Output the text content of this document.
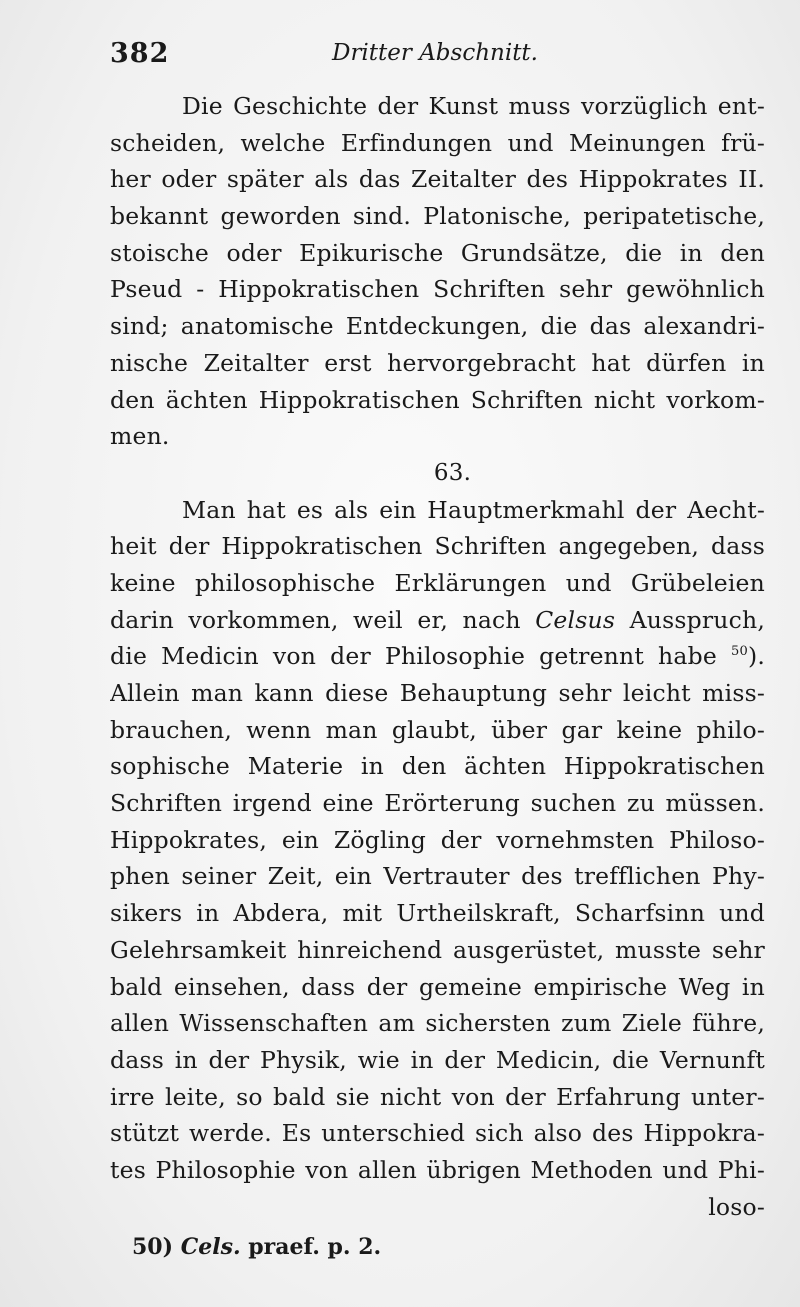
382	Dritter Abschnitt.
Die Geschichte der Kunst muss vorzüglich ent-
scheiden, welche Erfindungen und Meinungen frü-
her oder später als das Zeitalter des Hippokrates II.
bekannt geworden sind. Platonische, peripatetische,
stoische oder Epikurische Grundsätze, die in den
Pseud - Hippokratischen Schriften sehr gewöhnlich
sind; anatomische Entdeckungen, die das alexandri-
nische Zeitalter erst hervorgebracht hat dürfen in
den ächten Hippokratischen Schriften nicht vorkom-
men.
63.
Man hat es als ein Hauptmerkmahl der Aecht-
heit der Hippokratischen Schriften angegeben, dass
keine philosophische Erklärungen und Grübeleien
darin vorkommen, weil er, nach Celsus Ausspruch,
die Medicin von der Philosophie getrennt habe $^{50}$).
Allein man kann diese Behauptung sehr leicht miss-
brauchen, wenn man glaubt, über gar keine philo-
sophische Materie in den ächten Hippokratischen
Schriften irgend eine Erörterung suchen zu müssen.
Hippokrates, ein Zögling der vornehmsten Philoso-
phen seiner Zeit, ein Vertrauter des trefflichen Phy-
sikers in Abdera, mit Urtheilskraft, Scharfsinn und
Gelehrsamkeit hinreichend ausgerüstet, musste sehr
bald einsehen, dass der gemeine empirische Weg in
allen Wissenschaften am sichersten zum Ziele führe,
dass in der Physik, wie in der Medicin, die Vernunft
irre leite, so bald sie nicht von der Erfahrung unter-
stützt werde. Es unterschied sich also des Hippokra-
tes Philosophie von allen übrigen Methoden und Phi-
loso-
50) Cels. praef. p. 2.
